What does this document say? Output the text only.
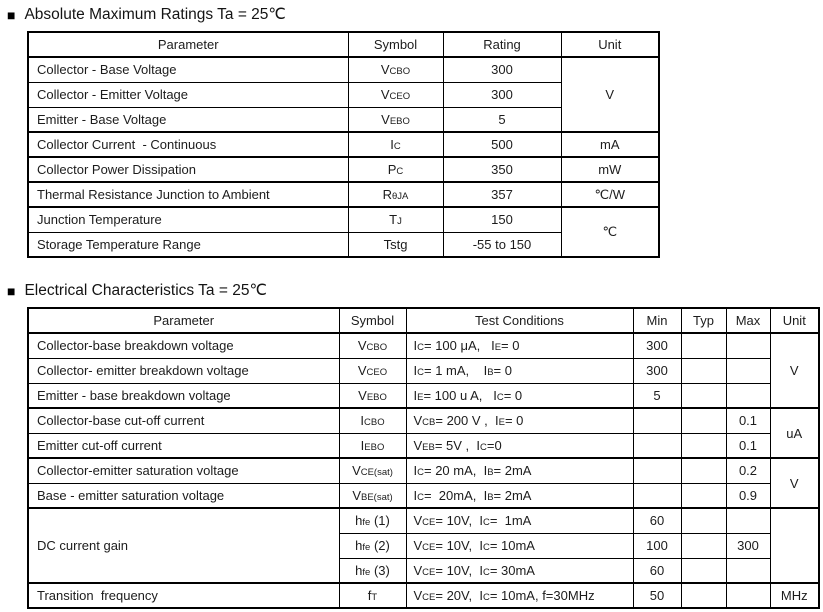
■ Absolute Maximum Ratings Ta = 25℃
Parameter	Symbol	Rating	Unit
Collector - Base Voltage	VCBO	300	V
Collector - Emitter Voltage	VCEO	300	
Emitter - Base Voltage	VEBO	5	
Collector Current  - Continuous	IC	500	mA
Collector Power Dissipation	PC	350	mW
Thermal Resistance Junction to Ambient	RθJA	357	℃/W
Junction Temperature	TJ	150	℃
Storage Temperature Range	Tstg	-55 to 150	
■ Electrical Characteristics Ta = 25℃
Parameter	Symbol	Test Conditions	Min	Typ	Max	Unit
Collector-base breakdown voltage	VCBO	IC= 100 μA,   IE= 0	300			V
Collector- emitter breakdown voltage	VCEO	IC= 1 mA,    IB= 0	300			
Emitter - base breakdown voltage	VEBO	IE= 100 u A,   IC= 0	5			
Collector-base cut-off current	ICBO	VCB= 200 V ,  IE= 0			0.1	uA
Emitter cut-off current	IEBO	VEB= 5V ,  IC=0			0.1	
Collector-emitter saturation voltage	VCE(sat)	IC= 20 mA,  IB= 2mA			0.2	V
Base - emitter saturation voltage	VBE(sat)	IC=  20mA,  IB= 2mA			0.9	
DC current gain	hfe (1)	VCE= 10V,  IC=  1mA	60			
	hfe (2)	VCE= 10V,  IC= 10mA	100		300	
	hfe (3)	VCE= 10V,  IC= 30mA	60			
Transition  frequency	fT	VCE= 20V,  IC= 10mA, f=30MHz	50			MHz
